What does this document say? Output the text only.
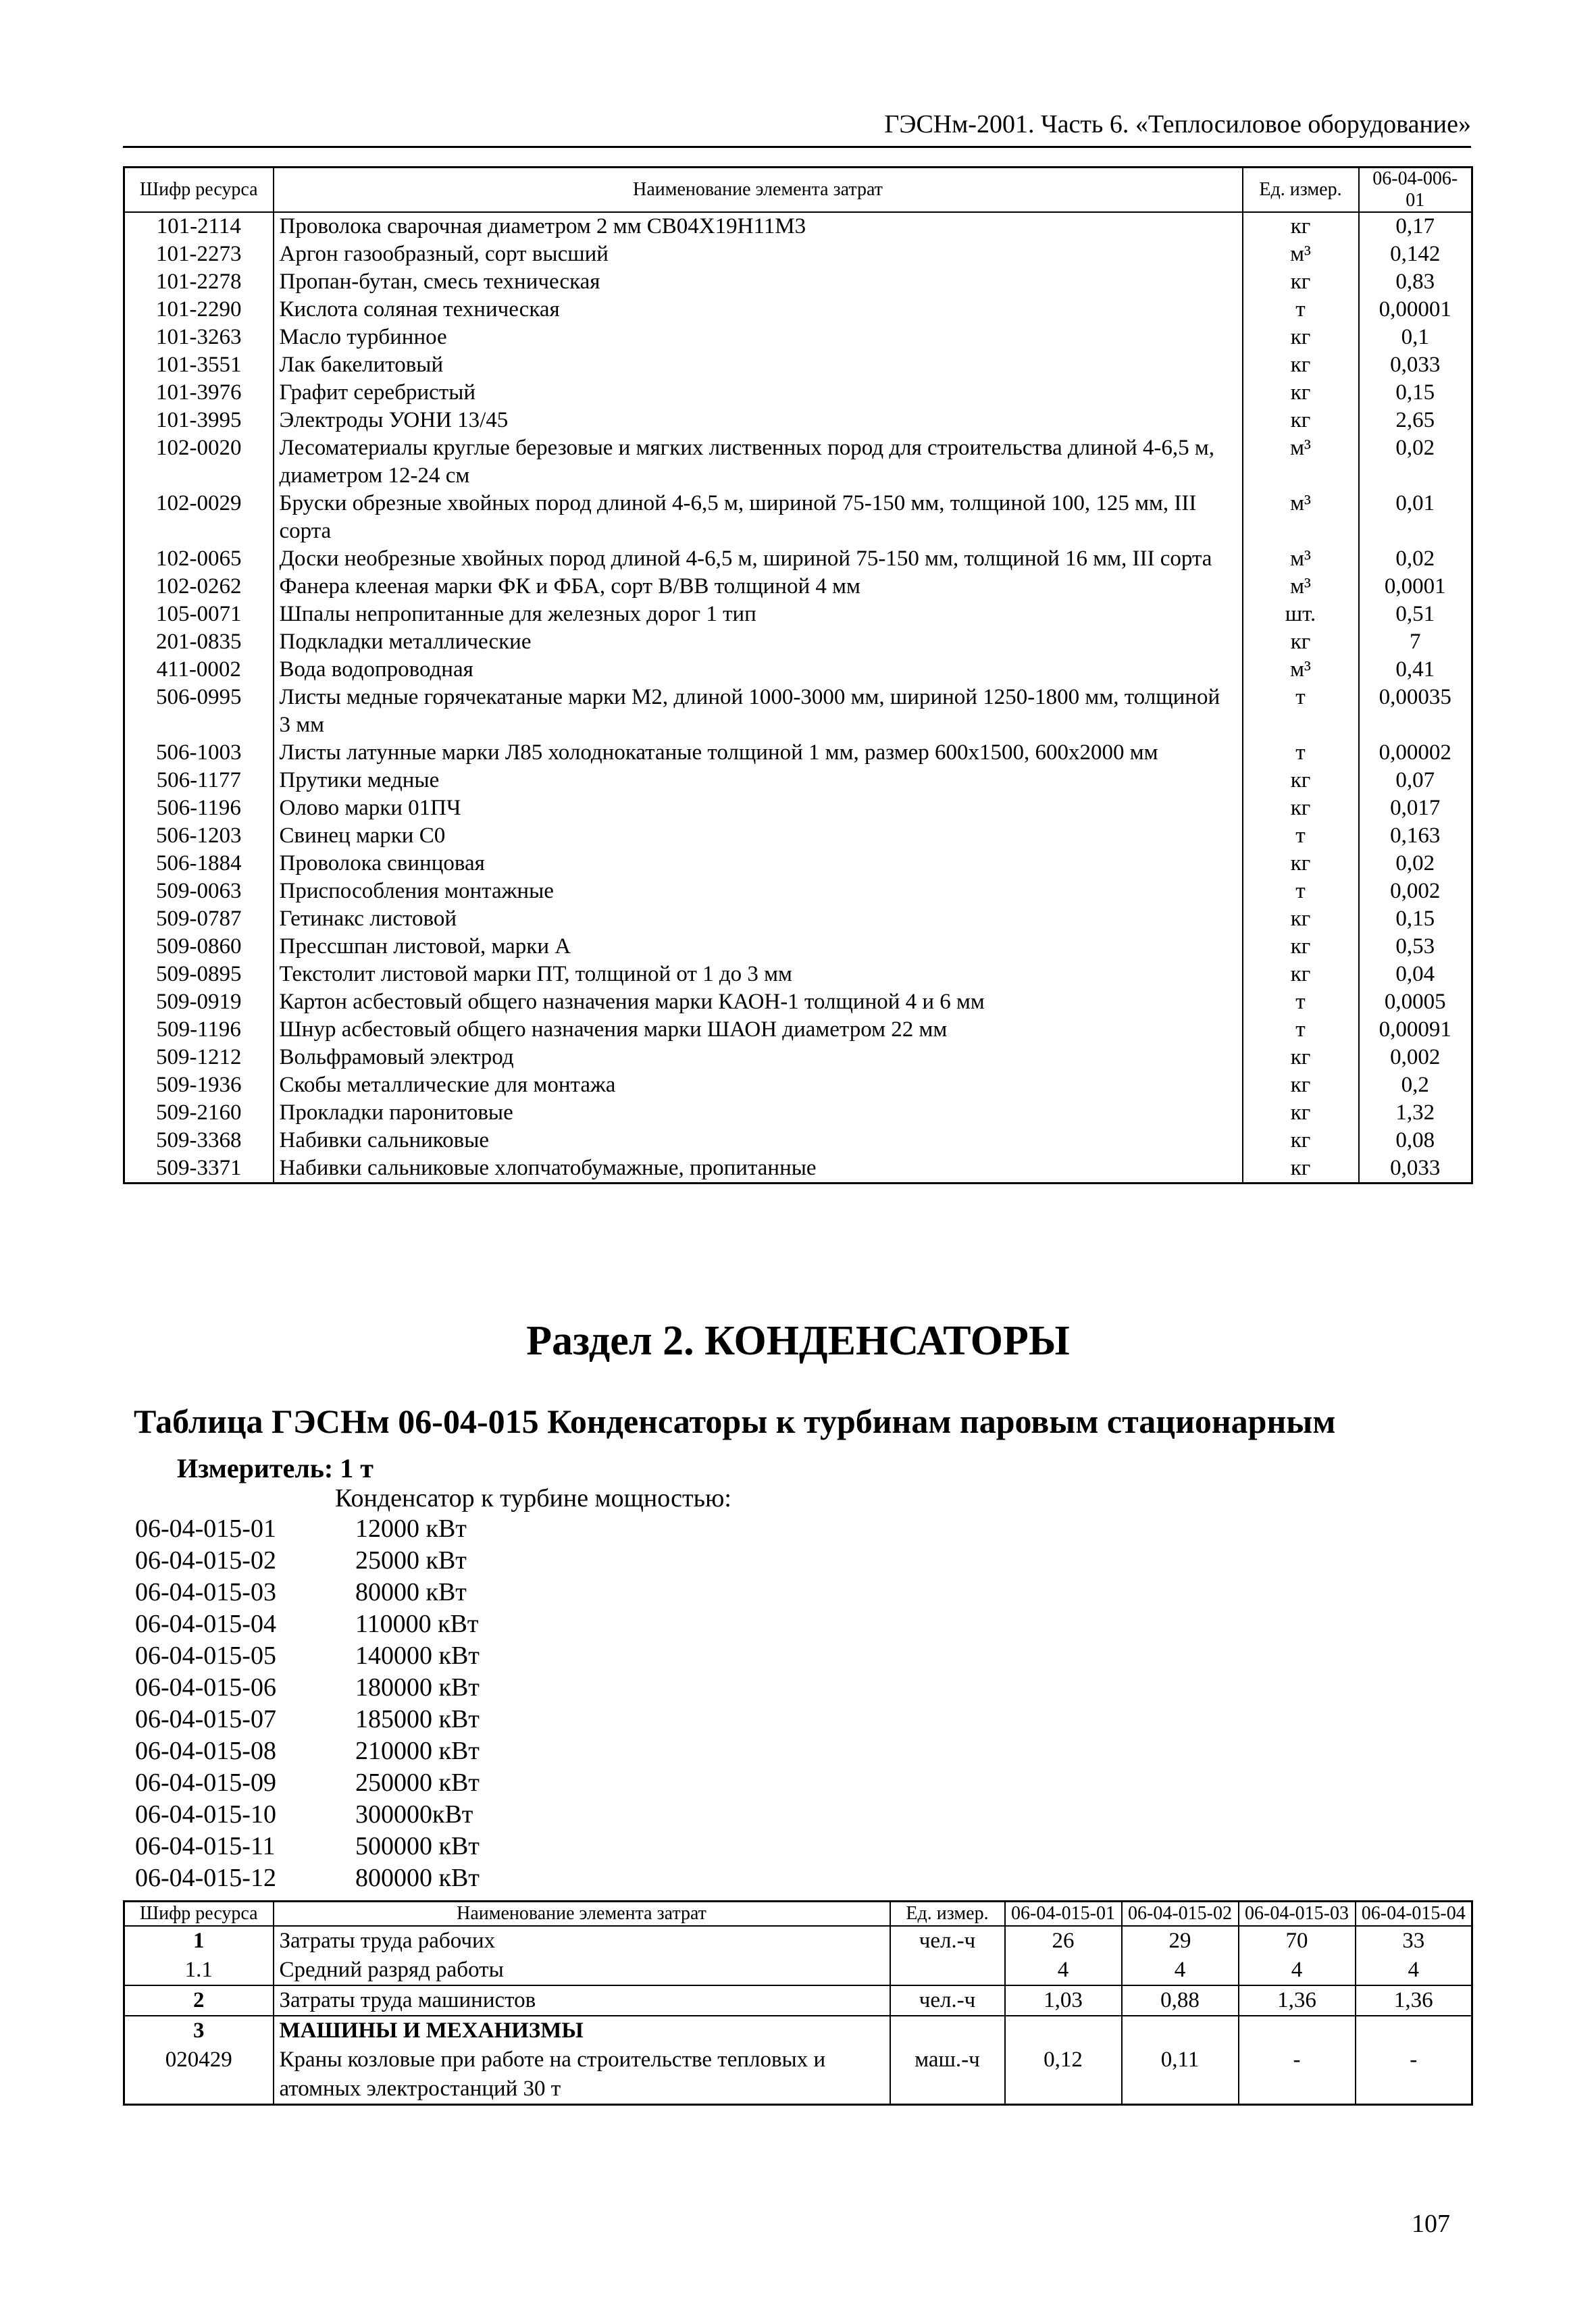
ГЭСНм-2001. Часть 6. «Теплосиловое оборудование»
Шифр ресурса	Наименование элемента затрат	Ед. измер.	06-04-006-01
101-2114	Проволока сварочная диаметром 2 мм СВ04Х19Н11М3	кг	0,17
101-2273	Аргон газообразный, сорт высший	м³	0,142
101-2278	Пропан-бутан, смесь техническая	кг	0,83
101-2290	Кислота соляная техническая	т	0,00001
101-3263	Масло турбинное	кг	0,1
101-3551	Лак бакелитовый	кг	0,033
101-3976	Графит серебристый	кг	0,15
101-3995	Электроды УОНИ 13/45	кг	2,65
102-0020	Лесоматериалы круглые березовые и мягких лиственных пород для строительства длиной 4-6,5 м, диаметром 12-24 см	м³	0,02
102-0029	Бруски обрезные хвойных пород длиной 4-6,5 м, шириной 75-150 мм, толщиной 100, 125 мм, III сорта	м³	0,01
102-0065	Доски необрезные хвойных пород длиной 4-6,5 м, шириной 75-150 мм, толщиной 16 мм, III сорта	м³	0,02
102-0262	Фанера клееная марки ФК и ФБА, сорт В/ВВ толщиной 4 мм	м³	0,0001
105-0071	Шпалы непропитанные для железных дорог 1 тип	шт.	0,51
201-0835	Подкладки металлические	кг	7
411-0002	Вода водопроводная	м³	0,41
506-0995	Листы медные горячекатаные марки М2, длиной 1000-3000 мм, шириной 1250-1800 мм, толщиной 3 мм	т	0,00035
506-1003	Листы латунные марки Л85 холоднокатаные толщиной 1 мм, размер 600x1500, 600x2000 мм	т	0,00002
506-1177	Прутики медные	кг	0,07
506-1196	Олово марки 01ПЧ	кг	0,017
506-1203	Свинец марки С0	т	0,163
506-1884	Проволока свинцовая	кг	0,02
509-0063	Приспособления монтажные	т	0,002
509-0787	Гетинакс листовой	кг	0,15
509-0860	Прессшпан листовой, марки А	кг	0,53
509-0895	Текстолит листовой марки ПТ, толщиной от 1 до 3 мм	кг	0,04
509-0919	Картон асбестовый общего назначения марки КАОН-1 толщиной 4 и 6 мм	т	0,0005
509-1196	Шнур асбестовый общего назначения марки ШАОН диаметром 22 мм	т	0,00091
509-1212	Вольфрамовый электрод	кг	0,002
509-1936	Скобы металлические для монтажа	кг	0,2
509-2160	Прокладки паронитовые	кг	1,32
509-3368	Набивки сальниковые	кг	0,08
509-3371	Набивки сальниковые хлопчатобумажные, пропитанные	кг	0,033
Раздел 2. КОНДЕНСАТОРЫ
Таблица ГЭСНм 06-04-015 Конденсаторы к турбинам паровым стационарным
Измеритель: 1 т
Конденсатор к турбине мощностью:
06-04-015-01	12000 кВт
06-04-015-02	25000 кВт
06-04-015-03	80000 кВт
06-04-015-04	110000 кВт
06-04-015-05	140000 кВт
06-04-015-06	180000 кВт
06-04-015-07	185000 кВт
06-04-015-08	210000 кВт
06-04-015-09	250000 кВт
06-04-015-10	300000кВт
06-04-015-11	500000 кВт
06-04-015-12	800000 кВт
Шифр ресурса	Наименование элемента затрат	Ед. измер.	06-04-015-01	06-04-015-02	06-04-015-03	06-04-015-04
1	Затраты труда рабочих	чел.-ч	26	29	70	33
1.1	Средний разряд работы		4	4	4	4
2	Затраты труда машинистов	чел.-ч	1,03	0,88	1,36	1,36
3	МАШИНЫ И МЕХАНИЗМЫ					
020429	Краны козловые при работе на строительстве тепловых и атомных электростанций 30 т	маш.-ч	0,12	0,11	-	-
107
